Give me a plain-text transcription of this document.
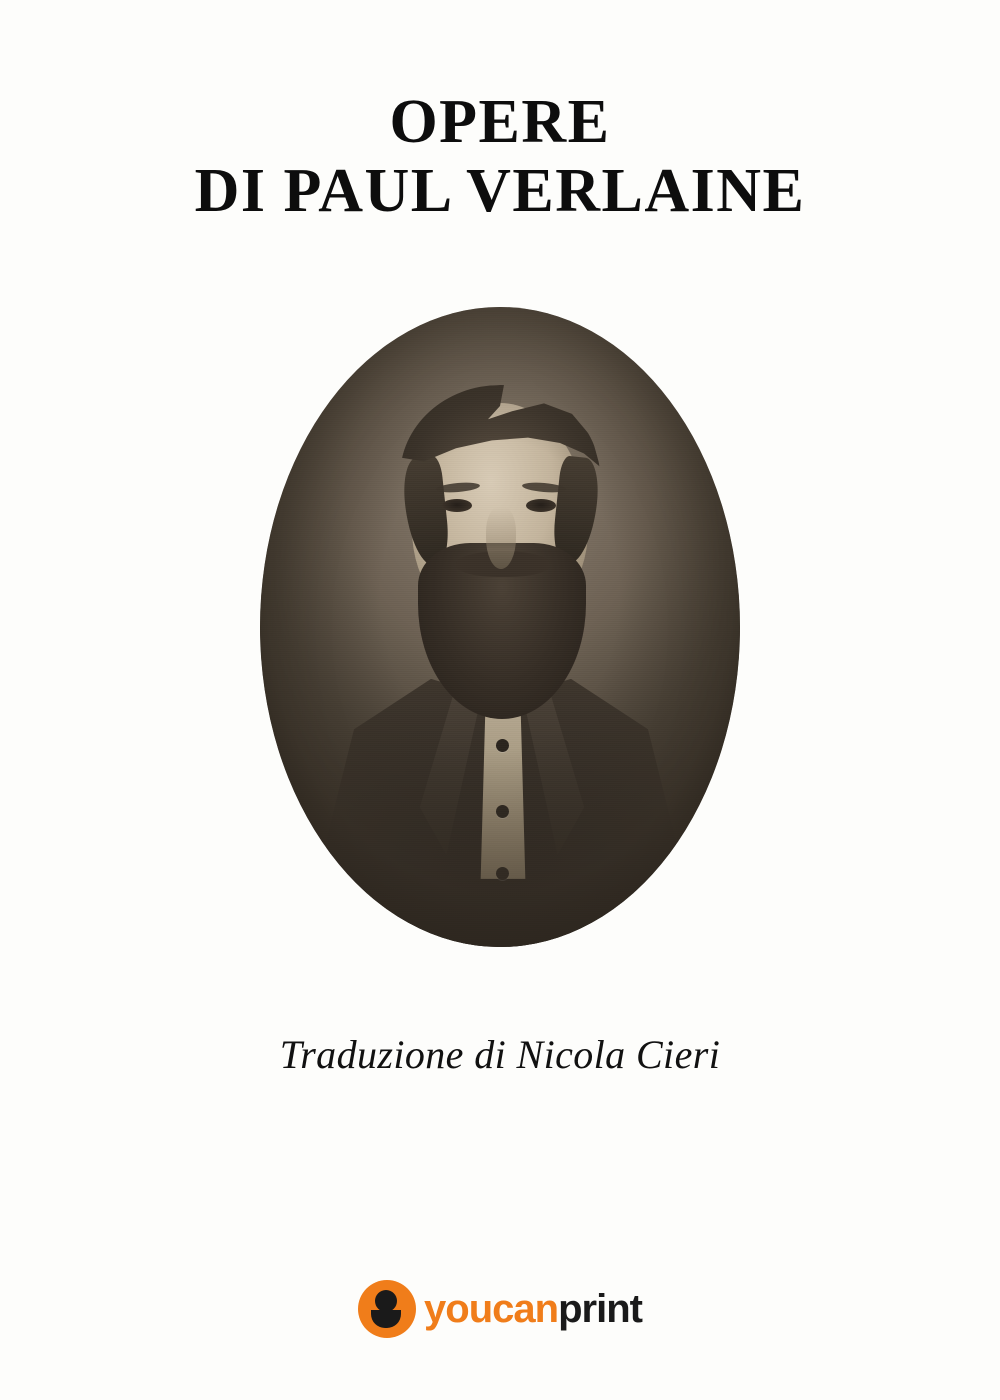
OPERE
DI PAUL VERLAINE
Traduzione di Nicola Cieri
youcanprint
